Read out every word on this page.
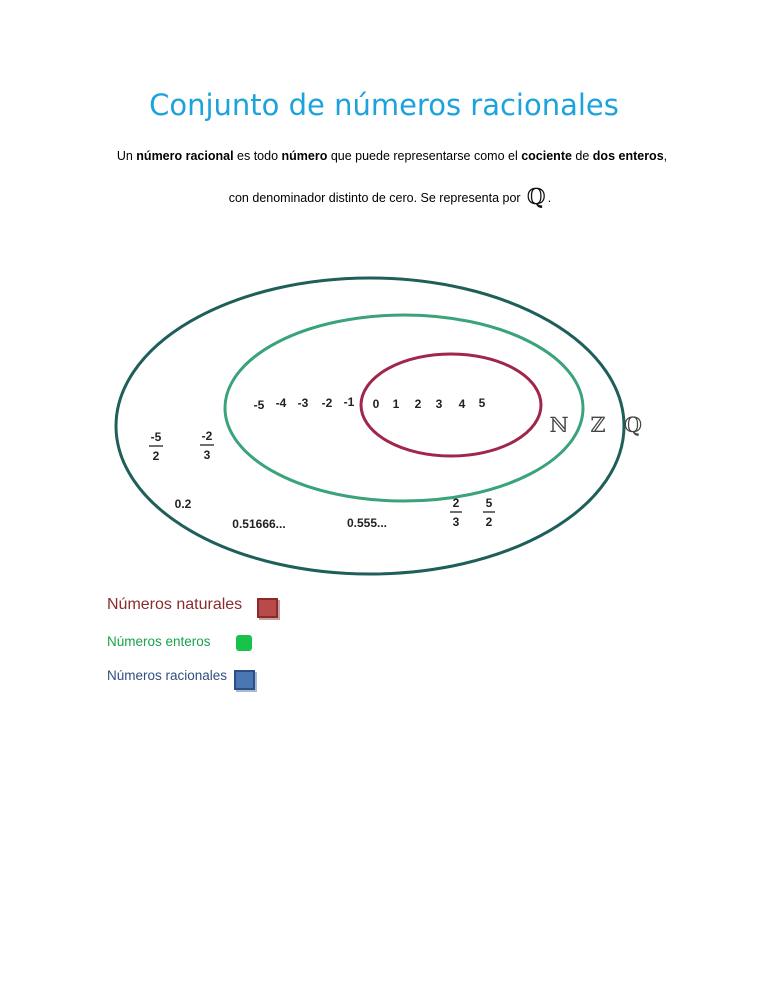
Conjunto de números racionales
Un número racional es todo número que puede representarse como el cociente de dos enteros,
con denominador distinto de cero. Se representa por ℚ .
-5 -4 -3 -2 -1 0 1 2 3 4 5
-5
2
-2
3
2
3
5
2
0.2
0.51666...	0.555...
ℕ ℤ ℚ
Números naturales
Números enteros
Números racionales
